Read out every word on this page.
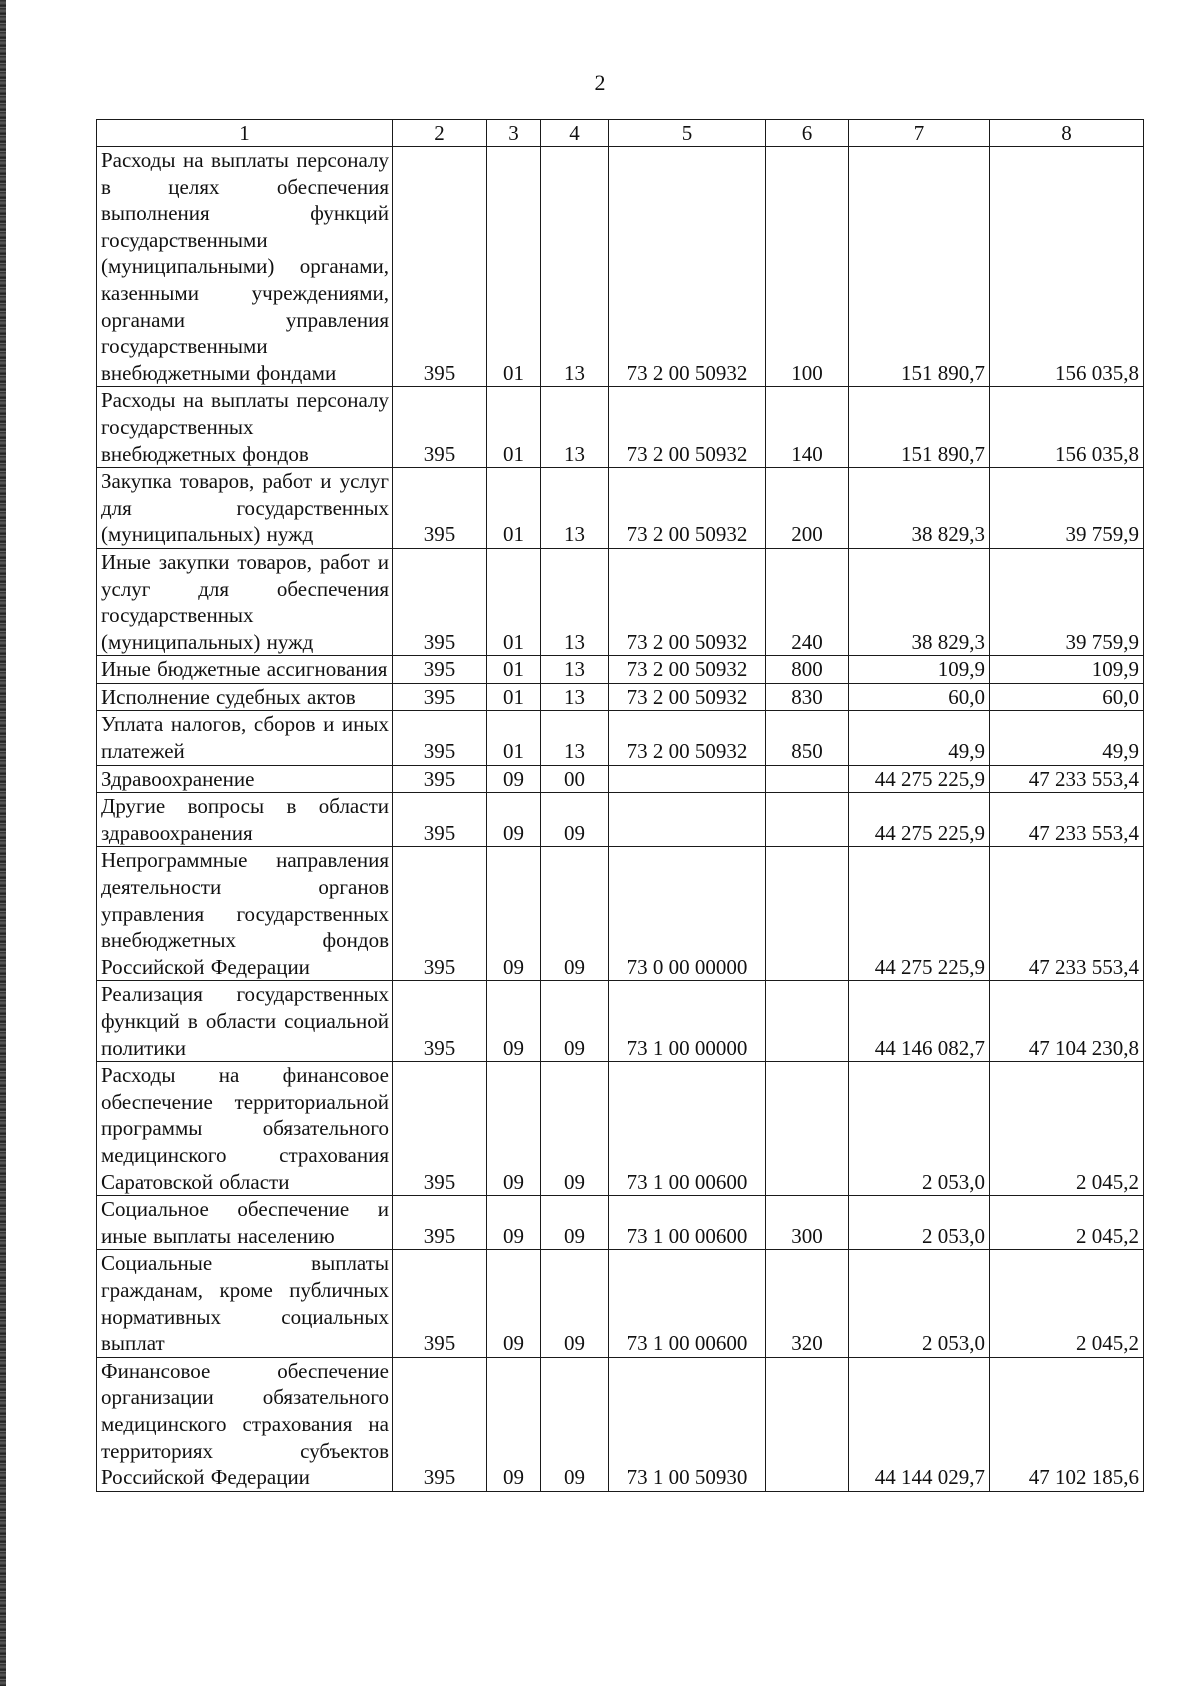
2
1	2	3	4	5	6	7	8
Расходы на выплаты персоналу в целях обеспечения выполнения функций государственными (муниципальными) органами, казенными учреждениями, органами управления государственными внебюджетными фондами	395	01	13	73 2 00 50932	100	151 890,7	156 035,8
Расходы на выплаты персоналу государственных внебюджетных фондов	395	01	13	73 2 00 50932	140	151 890,7	156 035,8
Закупка товаров, работ и услуг для государственных (муниципальных) нужд	395	01	13	73 2 00 50932	200	38 829,3	39 759,9
Иные закупки товаров, работ и услуг для обеспечения государственных (муниципальных) нужд	395	01	13	73 2 00 50932	240	38 829,3	39 759,9
Иные бюджетные ассигнования	395	01	13	73 2 00 50932	800	109,9	109,9
Исполнение судебных актов	395	01	13	73 2 00 50932	830	60,0	60,0
Уплата налогов, сборов и иных платежей	395	01	13	73 2 00 50932	850	49,9	49,9
Здравоохранение	395	09	00			44 275 225,9	47 233 553,4
Другие вопросы в области здравоохранения	395	09	09			44 275 225,9	47 233 553,4
Непрограммные направления деятельности органов управления государственных внебюджетных фондов Российской Федерации	395	09	09	73 0 00 00000		44 275 225,9	47 233 553,4
Реализация государственных функций в области социальной политики	395	09	09	73 1 00 00000		44 146 082,7	47 104 230,8
Расходы на финансовое обеспечение территориальной программы обязательного медицинского страхования Саратовской области	395	09	09	73 1 00 00600		2 053,0	2 045,2
Социальное обеспечение и иные выплаты населению	395	09	09	73 1 00 00600	300	2 053,0	2 045,2
Социальные выплаты гражданам, кроме публичных нормативных социальных выплат	395	09	09	73 1 00 00600	320	2 053,0	2 045,2
Финансовое обеспечение организации обязательного медицинского страхования на территориях субъектов Российской Федерации	395	09	09	73 1 00 50930		44 144 029,7	47 102 185,6
